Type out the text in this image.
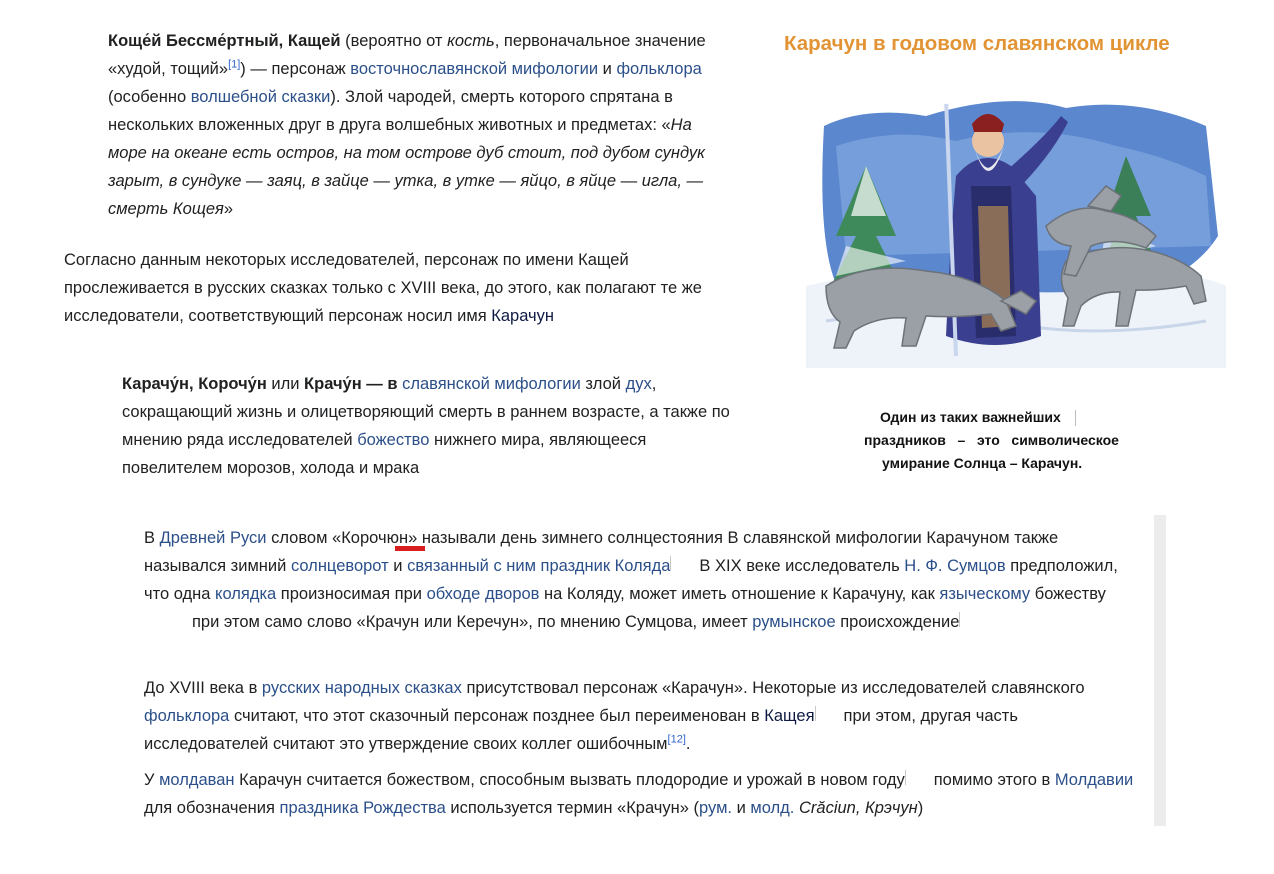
Коще́й Бессме́ртный, Кащей (вероятно от кость, первоначальное значение «худой, тощий»[1]) — персонаж восточнославянской мифологии и фольклора (особенно волшебной сказки). Злой чародей, смерть которого спрятана в нескольких вложенных друг в друга волшебных животных и предметах: «На море на океане есть остров, на том острове дуб стоит, под дубом сундук зарыт, в сундуке — заяц, в зайце — утка, в утке — яйцо, в яйце — игла, — смерть Кощея»

Согласно данным некоторых исследователей, персонаж по имени Кащей прослеживается в русских сказках только с XVIII века, до этого, как полагают те же исследователи, соответствующий персонаж носил имя Карачун

Карачу́н, Корочу́н или Крачу́н — в славянской мифологии злой дух, сокращающий жизнь и олицетворяющий смерть в раннем возрасте, а также по мнению ряда исследователей божество нижнего мира, являющееся повелителем морозов, холода и мрака

В Древней Руси словом «Корочюн» называли день зимнего солнцестояния В славянской мифологии Карачуном также назывался зимний солнцеворот и связанный с ним праздник Коляда В XIX веке исследователь Н. Ф. Сумцов предположил, что одна колядка произносимая при обходе дворов на Коляду, может иметь отношение к Карачуну, как языческому божествупри этом само слово «Крачун или Керечун», по мнению Сумцова, имеет румынское происхождение

До XVIII века в русских народных сказках присутствовал персонаж «Карачун». Некоторые из исследователей славянского фольклора считают, что этот сказочный персонаж позднее был переименован в Кащея при этом, другая часть исследователей считают это утверждение своих коллег ошибочным[12].

У молдаван Карачун считается божеством, способным вызвать плодородие и урожай в новом году помимо этого в Молдавии для обозначения праздника Рождества используется термин «Крачун» (рум. и молд. Crăciun, Крэчун)

Карачун в годовом славянском цикле
Один из таких важнейших
праздников   –   это   символическое
умирание Солнца – Карачун.
